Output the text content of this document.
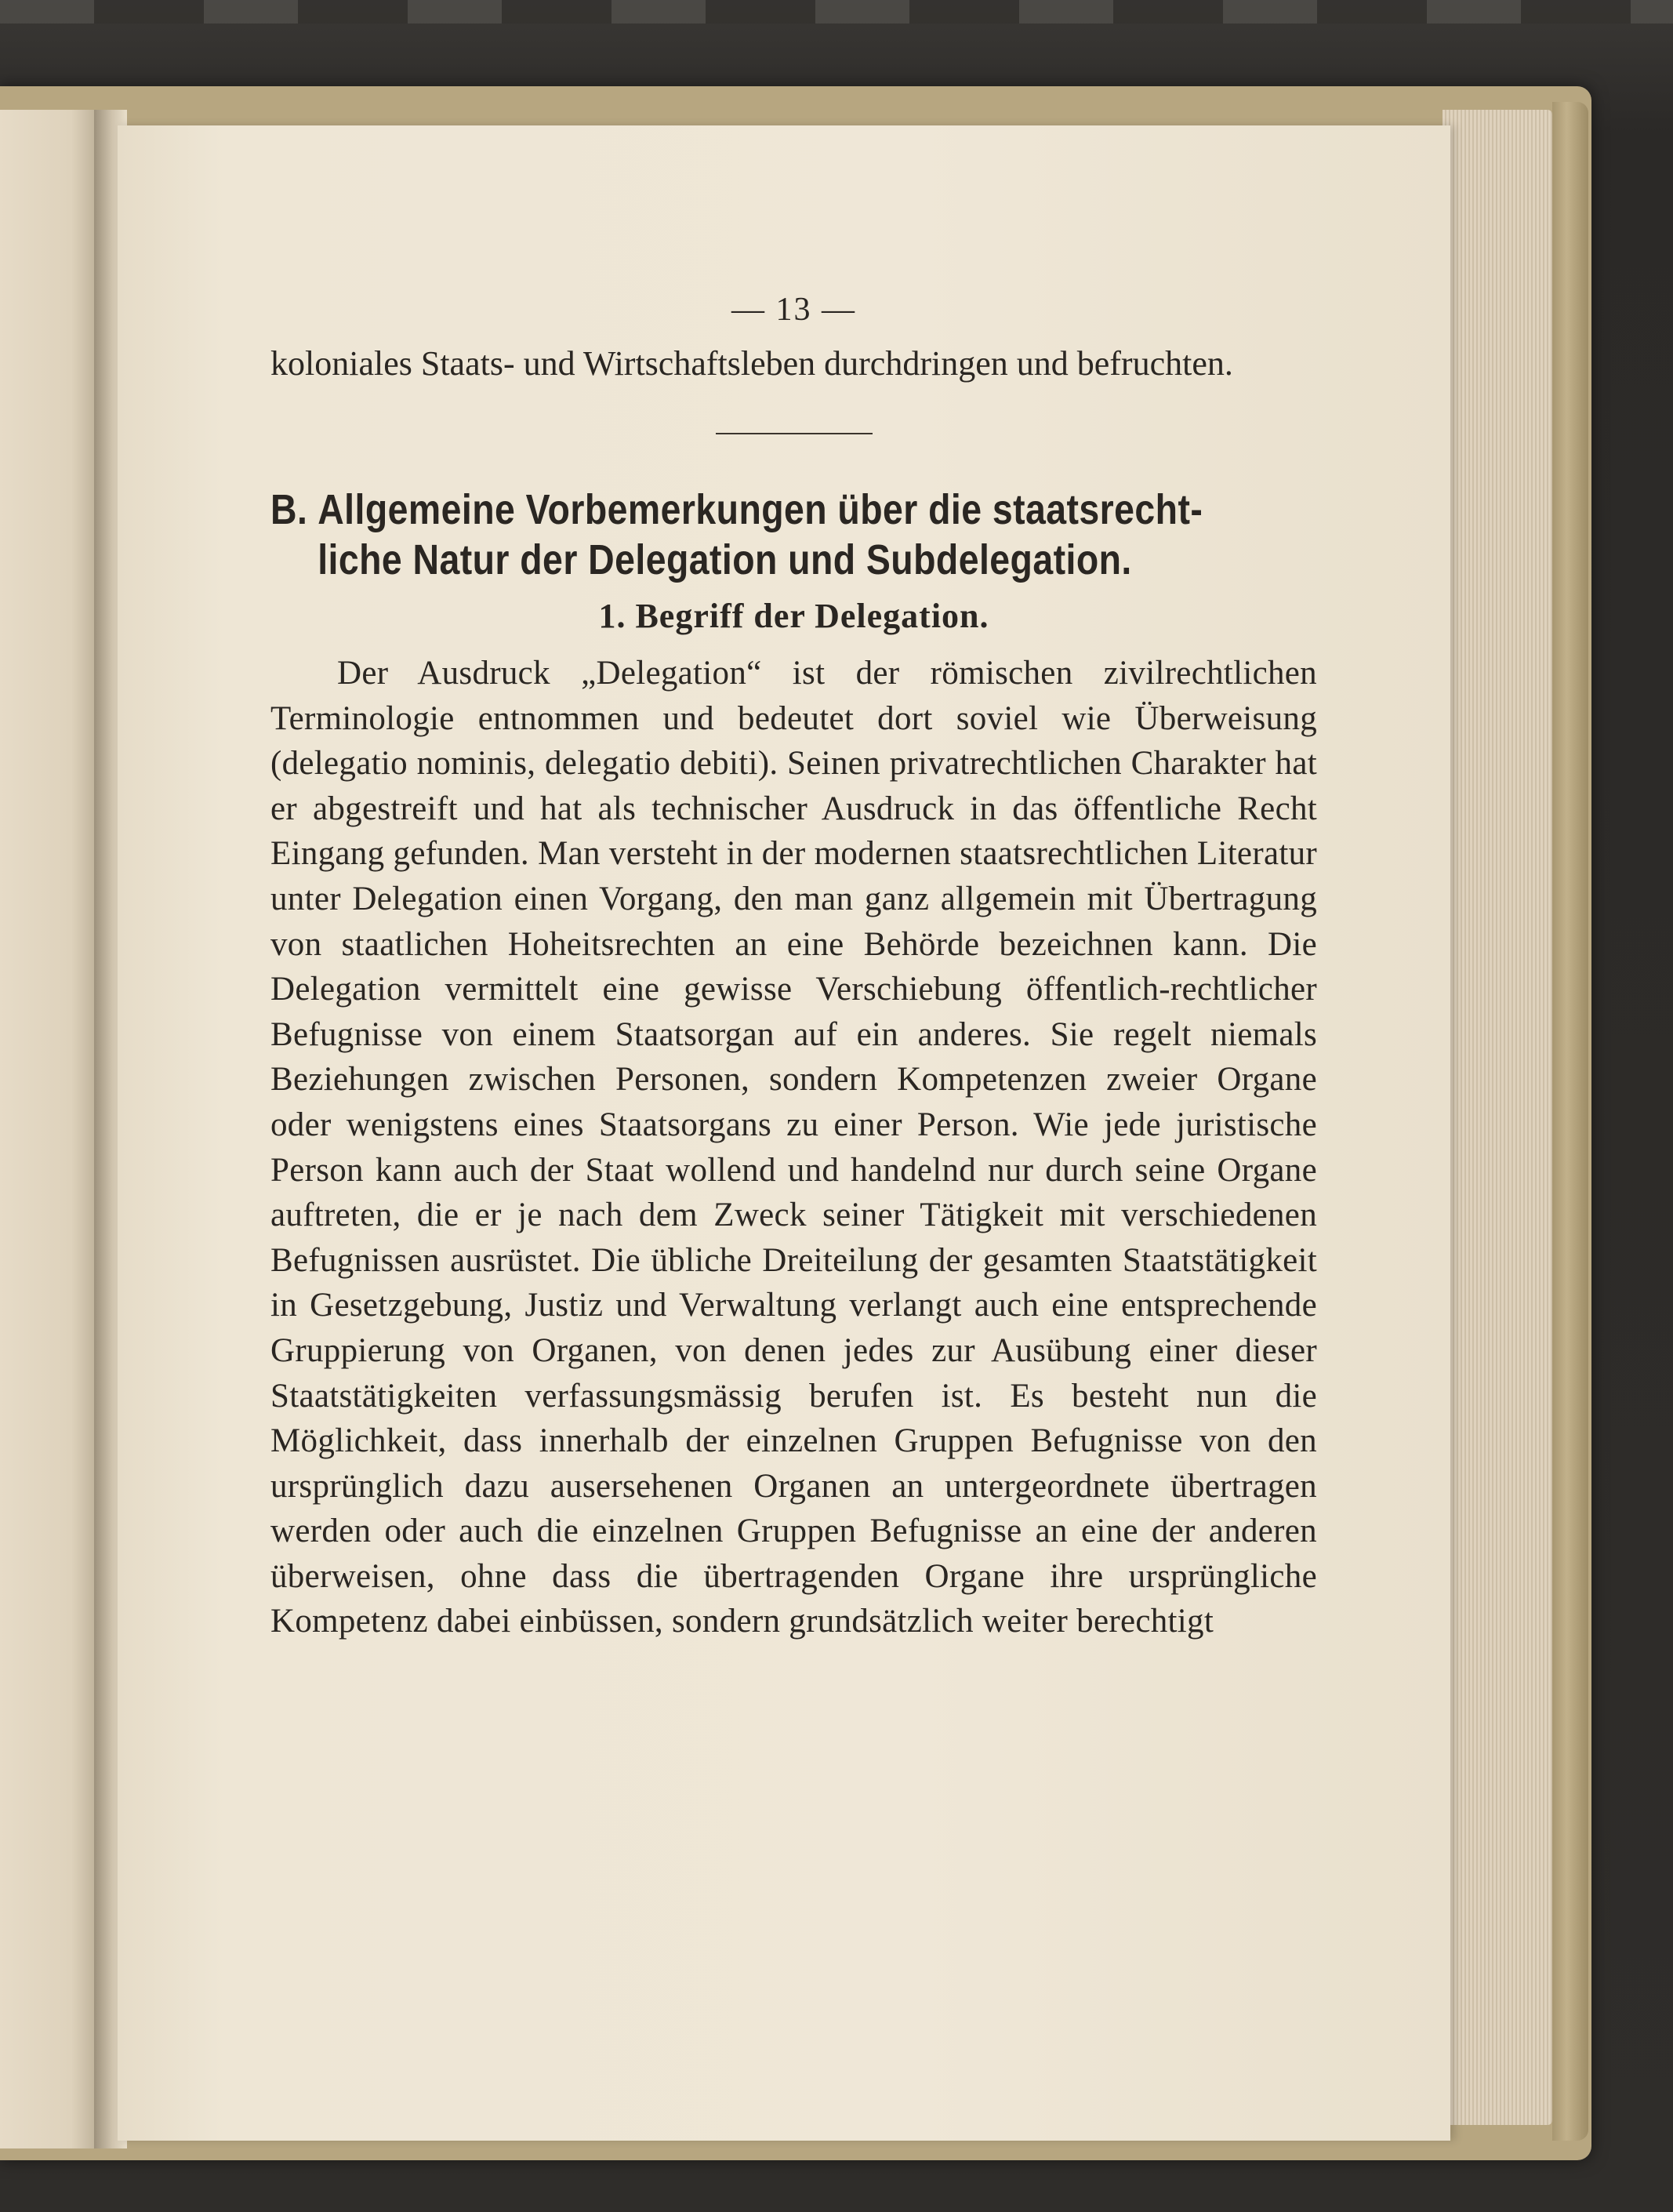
— 13 —

koloniales Staats- und Wirtschaftsleben durchdringen und befruchten.

B. Allgemeine Vorbemerkungen über die staatsrecht-
liche Natur der Delegation und Subdelegation.
1. Begriff der Delegation.

Der Ausdruck „Delegation“ ist der römischen zivilrechtlichen Terminologie entnommen und bedeutet dort soviel wie Überweisung (delegatio nominis, delegatio debiti). Seinen privatrechtlichen Charakter hat er abgestreift und hat als technischer Ausdruck in das öffentliche Recht Eingang gefunden. Man versteht in der modernen staatsrechtlichen Literatur unter Delegation einen Vorgang, den man ganz allgemein mit Übertragung von staatlichen Hoheitsrechten an eine Behörde bezeichnen kann. Die Delegation vermittelt eine gewisse Verschiebung öffentlich-rechtlicher Befugnisse von einem Staatsorgan auf ein anderes. Sie regelt niemals Beziehungen zwischen Personen, sondern Kompetenzen zweier Organe oder wenigstens eines Staatsorgans zu einer Person. Wie jede juristische Person kann auch der Staat wollend und handelnd nur durch seine Organe auftreten, die er je nach dem Zweck seiner Tätigkeit mit verschiedenen Befugnissen ausrüstet. Die übliche Dreiteilung der gesamten Staatstätigkeit in Gesetzgebung, Justiz und Verwaltung verlangt auch eine entsprechende Gruppierung von Organen, von denen jedes zur Ausübung einer dieser Staatstätigkeiten verfassungsmässig berufen ist. Es besteht nun die Möglichkeit, dass innerhalb der einzelnen Gruppen Befugnisse von den ursprünglich dazu ausersehenen Organen an untergeordnete übertragen werden oder auch die einzelnen Gruppen Befugnisse an eine der anderen überweisen, ohne dass die übertragenden Organe ihre ursprüngliche Kompetenz dabei einbüssen, sondern grundsätzlich weiter berechtigt
